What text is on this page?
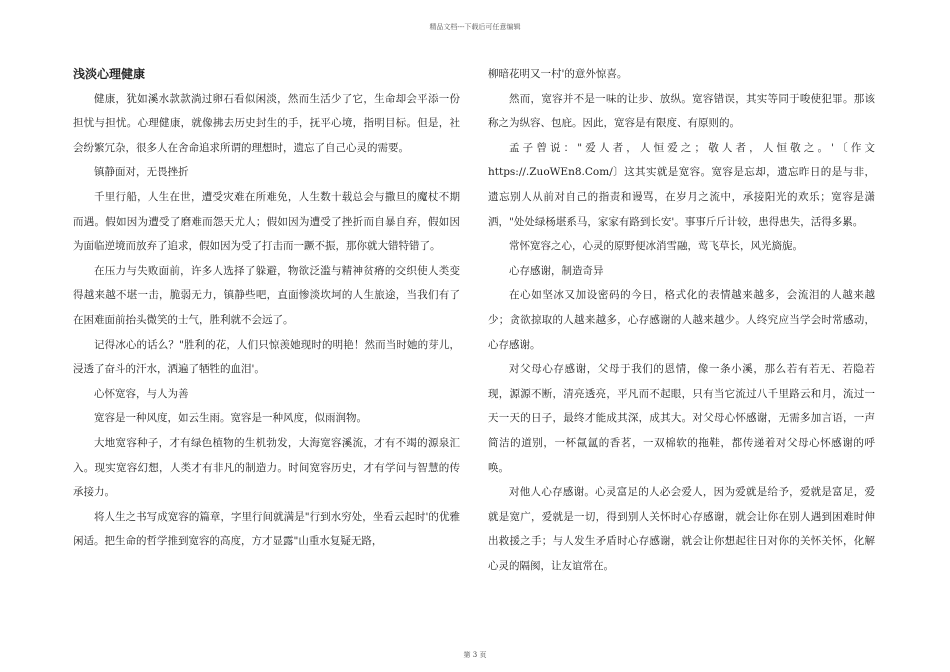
精品文档---下载后可任意编辑
浅淡心理健康

健康，犹如溪水款款淌过卵石看似闲淡，然而生活少了它，生命却会平添一份担忧与担忧。心理健康，就像拂去历史封生的手，抚平心境，指明目标。但是，社会纷繁冗杂，很多人在舍命追求所谓的理想时，遗忘了自己心灵的需要。

镇静面对，无畏挫折

千里行船，人生在世，遭受灾难在所难免，人生数十载总会与撒旦的魔杖不期而遇。假如因为遭受了磨难而怨天尤人；假如因为遭受了挫折而自暴自弃，假如因为面临逆境而放弃了追求，假如因为受了打击而一蹶不振，那你就大错特错了。

在压力与失败面前，许多人选择了躲避，物欲泛滥与精神贫瘠的交织使人类变得越来越不堪一击，脆弱无力，镇静些吧，直面惨淡坎坷的人生旅途，当我们有了在困难面前抬头微笑的士气，胜利就不会远了。

记得冰心的话么？"胜利的花，人们只惊羡她现时的明艳！然而当时她的芽儿，浸透了奋斗的汗水，洒遍了牺牲的血泪'。

心怀宽容，与人为善

宽容是一种风度，如云生雨。宽容是一种风度，似雨润物。

大地宽容种子，才有绿色植物的生机勃发，大海宽容溪流，才有不竭的源泉汇入。现实宽容幻想，人类才有非凡的制造力。时间宽容历史，才有学问与智慧的传承接力。

将人生之书写成宽容的篇章，字里行间就满是"行到水穷处，坐看云起时'的优雅闲适。把生命的哲学推到宽容的高度，方才显露"山重水复疑无路，

柳暗花明又一村'的意外惊喜。

然而，宽容并不是一味的让步、放纵。宽容错误，其实等同于唆使犯罪。那该称之为纵容、包庇。因此，宽容是有限度、有原则的。

孟子曾说："爱人者，人恒爱之；敬人者，人恒敬之。'〔作文https://.ZuoWEn8.Com/〕这其实就是宽容。宽容是忘却，遗忘昨日的是与非，遗忘别人从前对自己的指责和谩骂，在岁月之流中，承接阳光的欢乐；宽容是潇洒，"处处绿杨堪系马，家家有路到长安'。事事斤斤计较，患得患失，活得多累。

常怀宽容之心，心灵的原野便冰消雪融，莺飞草长，风光旖旎。

心存感谢，制造奇异

在心如坚冰又加设密码的今日，格式化的表情越来越多，会流泪的人越来越少；贪欲掠取的人越来越多，心存感谢的人越来越少。人终究应当学会时常感动，心存感谢。

对父母心存感谢，父母于我们的恩情，像一条小溪，那么若有若无、若隐若现，源源不断，清亮透亮，平凡而不起眼，只有当它流过八千里路云和月，流过一天一天的日子，最终才能成其深，成其大。对父母心怀感谢，无需多加言语，一声简洁的道别，一杯氤氲的香茗，一双棉软的拖鞋，都传递着对父母心怀感谢的呼唤。

对他人心存感谢。心灵富足的人必会爱人，因为爱就是给予，爱就是富足，爱就是宽广，爱就是一切，得到别人关怀时心存感谢，就会让你在别人遇到困难时伸出救援之手；与人发生矛盾时心存感谢，就会让你想起往日对你的关怀关怀，化解心灵的隔阂，让友谊常在。

第 3 页
